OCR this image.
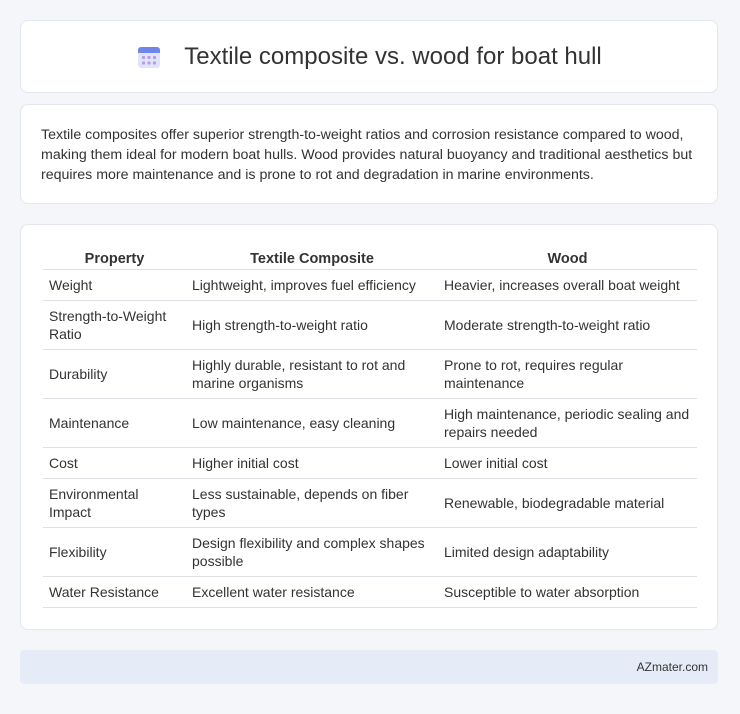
Textile composite vs. wood for boat hull

Textile composites offer superior strength-to-weight ratios and corrosion resistance compared to wood, making them ideal for modern boat hulls. Wood provides natural buoyancy and traditional aesthetics but requires more maintenance and is prone to rot and degradation in marine environments.

Property	Textile Composite	Wood
Weight	Lightweight, improves fuel efficiency	Heavier, increases overall boat weight
Strength-to-Weight Ratio	High strength-to-weight ratio	Moderate strength-to-weight ratio
Durability	Highly durable, resistant to rot and marine organisms	Prone to rot, requires regular maintenance
Maintenance	Low maintenance, easy cleaning	High maintenance, periodic sealing and repairs needed
Cost	Higher initial cost	Lower initial cost
Environmental Impact	Less sustainable, depends on fiber types	Renewable, biodegradable material
Flexibility	Design flexibility and complex shapes possible	Limited design adaptability
Water Resistance	Excellent water resistance	Susceptible to water absorption
AZmater.com
